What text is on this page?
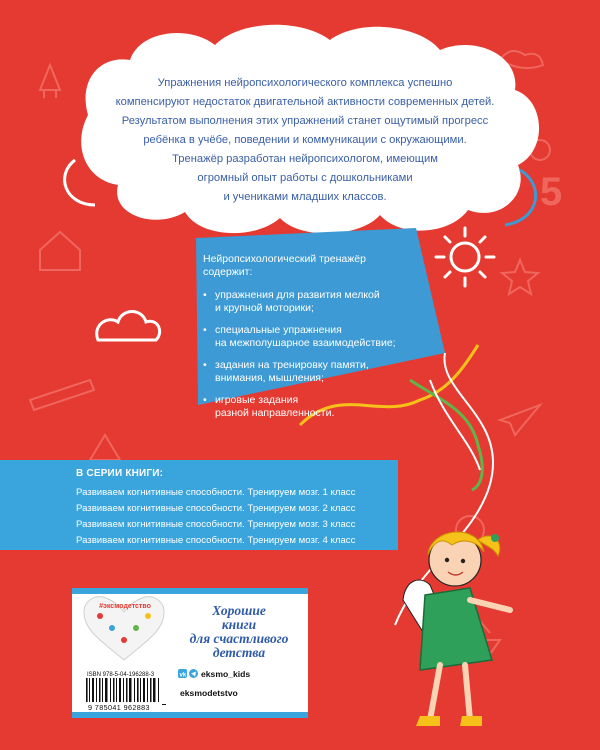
5
vk

Упражнения нейропсихологического комплекса успешно

компенсируют недостаток двигательной активности современных детей.

Результатом выполнения этих упражнений станет ощутимый прогресс

ребёнка в учёбе, поведении и коммуникации с окружающими.

Тренажёр разработан нейропсихологом, имеющим

огромный опыт работы с дошкольниками

и учениками младших классов.

Нейропсихологический тренажёр
содержит:

• упражнения для развития мелкой
и крупной моторики;
• специальные упражнения
на межполушарное взаимодействие;
• задания на тренировку памяти,
внимания, мышления;
• игровые задания
разной направленности.
В СЕРИИ КНИГИ:
Развиваем когнитивные способности. Тренируем мозг. 1 класс
Развиваем когнитивные способности. Тренируем мозг. 2 класс
Развиваем когнитивные способности. Тренируем мозг. 3 класс
Развиваем когнитивные способности. Тренируем мозг. 4 класс
#эксмодетство	Хорошие
книги
для счастливого
детства
ISBN 978-5-04-196288-3
9 785041 962883
eksmo_kids
eksmodetstvo
